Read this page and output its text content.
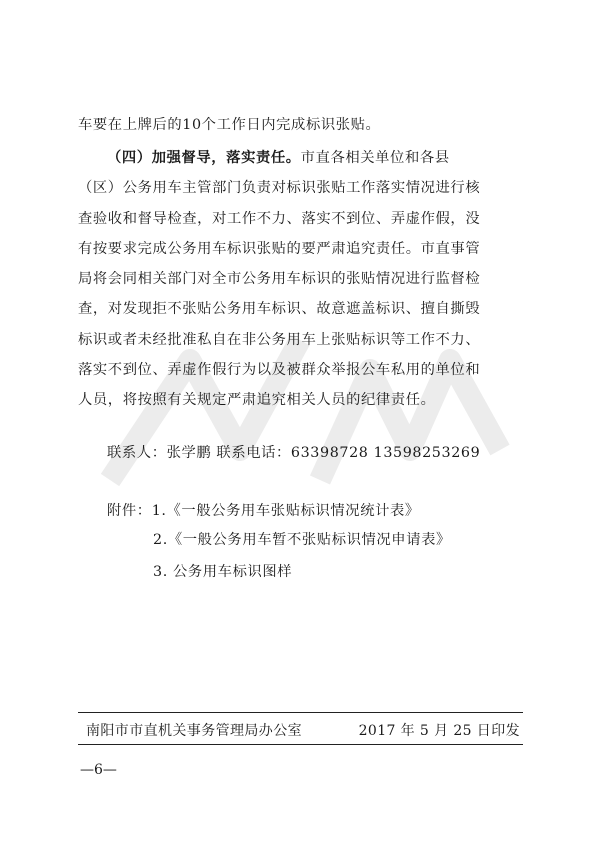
车要在上牌后的10个工作日内完成标识张贴。
（四）加强督导，落实责任。市直各相关单位和各县
（区）公务用车主管部门负责对标识张贴工作落实情况进行核
查验收和督导检查，对工作不力、落实不到位、弄虚作假，没
有按要求完成公务用车标识张贴的要严肃追究责任。市直事管
局将会同相关部门对全市公务用车标识的张贴情况进行监督检
查，对发现拒不张贴公务用车标识、故意遮盖标识、擅自撕毁
标识或者未经批准私自在非公务用车上张贴标识等工作不力、
落实不到位、弄虚作假行为以及被群众举报公车私用的单位和
人员，将按照有关规定严肃追究相关人员的纪律责任。
联系人：张学鹏 联系电话：63398728 13598253269
附件：1.《一般公务用车张贴标识情况统计表》
2.《一般公务用车暂不张贴标识情况申请表》
3. 公务用车标识图样
南阳市市直机关事务管理局办公室	2017 年 5 月 25 日印发
—6—
